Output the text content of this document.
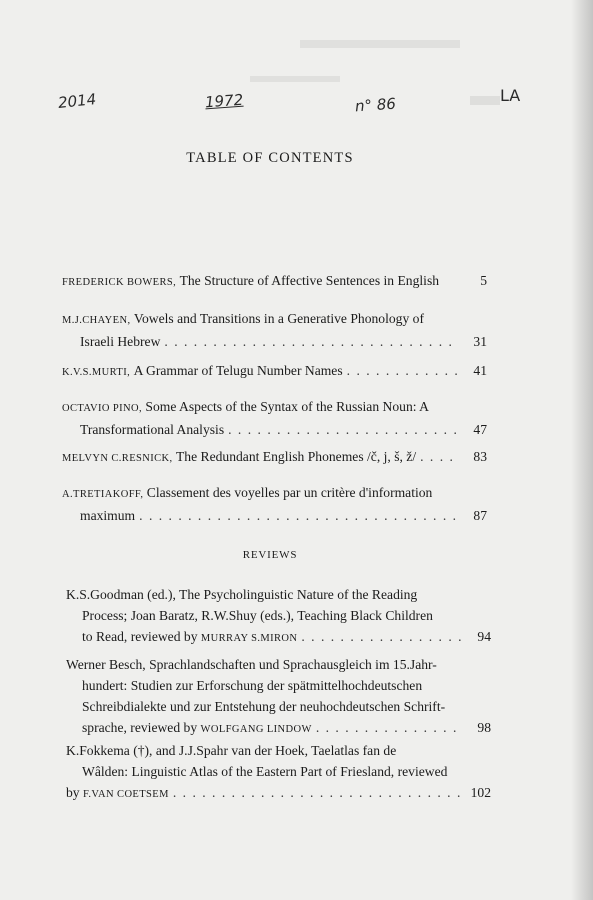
2014	1972	n° 86	LA
TABLE OF CONTENTS
FREDERICK BOWERS,
The Structure of Affective Sentences in English	5
M.J.CHAYEN,
Vowels and Transitions in a Generative Phonology of
Israeli Hebrew . . .	31
K.V.S.MURTI,
A Grammar of Telugu Number Names . . .	41
OCTAVIO PINO,
Some Aspects of the Syntax of the Russian Noun: A
Transformational Analysis . . .	47
MELVYN C.RESNICK,
The Redundant English Phonemes /č, j, š, ž/ . . .	83
A.TRETIAKOFF,
Classement des voyelles par un critère d'information
maximum . . .	87
REVIEWS
K.S.Goodman (ed.), The Psycholinguistic Nature of the Reading
Process; Joan Baratz, R.W.Shuy (eds.), Teaching Black Children
to Read, reviewed by
MURRAY S.MIRON . . .	94
Werner Besch, Sprachlandschaften und Sprachausgleich im 15.Jahr-
hundert: Studien zur Erforschung der spätmittelhochdeutschen
Schreibdialekte und zur Entstehung der neuhochdeutschen Schrift-
sprache, reviewed by
WOLFGANG LINDOW . . .	98
K.Fokkema (†), and J.J.Spahr van der Hoek, Taelatlas fan de
Wâlden: Linguistic Atlas of the Eastern Part of Friesland, reviewed
by
F.VAN COETSEM . . .	102
